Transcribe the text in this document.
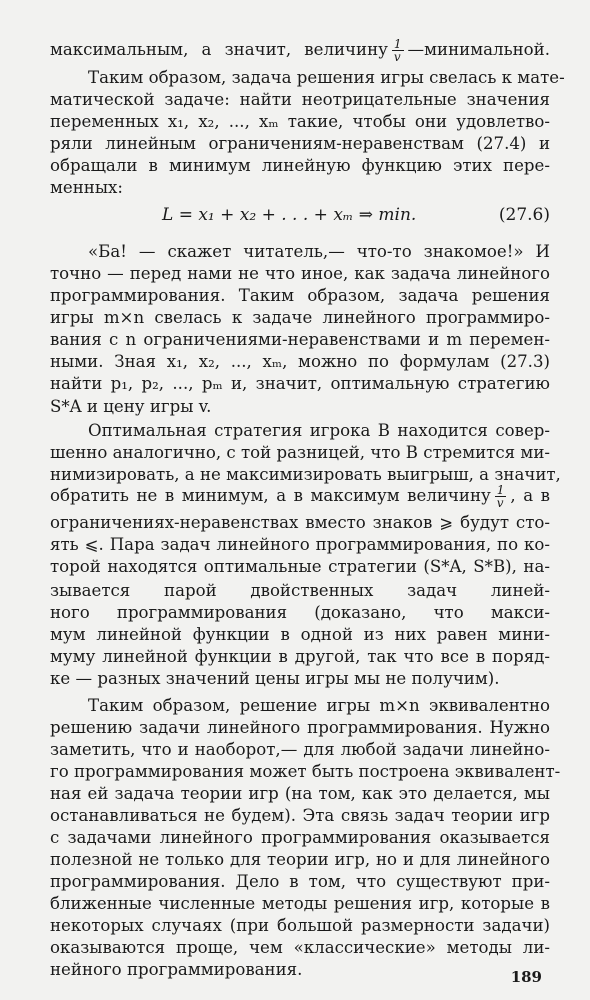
максимальным, а значит, величину $\frac{1}{v}$ —минимальной.
Таким образом, задача решения игры свелась к мате-
матической задаче: найти неотрицательные значения
переменных x₁, x₂, ..., xₘ такие, чтобы они удовлетво-
ряли линейным ограничениям-неравенствам (27.4) и
обращали в минимум линейную функцию этих пере-
менных:
L = x₁ + x₂ + . . . + xₘ ⇒ min.	(27.6)
«Ба! — скажет читатель,— что-то знакомое!» И
точно — перед нами не что иное, как задача линейного
программирования. Таким образом, задача решения
игры m×n свелась к задаче линейного программиро-
вания с n ограничениями-неравенствами и m перемен-
ными. Зная x₁, x₂, ..., xₘ, можно по формулам (27.3)
найти p₁, p₂, ..., pₘ и, значит, оптимальную стратегию
S*A и цену игры v.
Оптимальная стратегия игрока B находится совер-
шенно аналогично, с той разницей, что B стремится ми-
нимизировать, а не максимизировать выигрыш, а значит,
обратить не в минимум, а в максимум величину $\frac{1}{v}$ , а в
ограничениях-неравенствах вместо знаков ⩾ будут сто-
ять ⩽. Пара задач линейного программирования, по ко-
торой находятся оптимальные стратегии (S*A, S*B), на-
зывается парой двойственных задач линей-
ного программирования (доказано, что макси-
мум линейной функции в одной из них равен мини-
муму линейной функции в другой, так что все в поряд-
ке — разных значений цены игры мы не получим).
Таким образом, решение игры m×n эквивалентно
решению задачи линейного программирования. Нужно
заметить, что и наоборот,— для любой задачи линейно-
го программирования может быть построена эквивалент-
ная ей задача теории игр (на том, как это делается, мы
останавливаться не будем). Эта связь задач теории игр
с задачами линейного программирования оказывается
полезной не только для теории игр, но и для линейного
программирования. Дело в том, что существуют при-
ближенные численные методы решения игр, которые в
некоторых случаях (при большой размерности задачи)
оказываются проще, чем «классические» методы ли-
нейного программирования.	189
